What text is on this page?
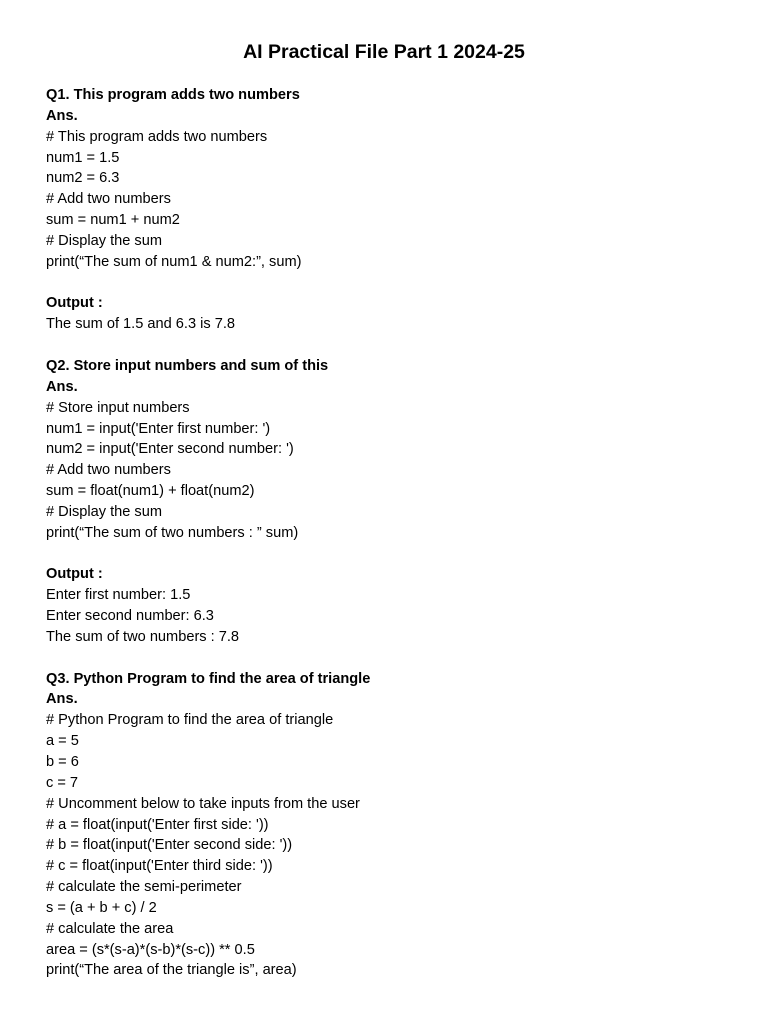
AI Practical File Part 1 2024-25
Q1. This program adds two numbers
Ans.
# This program adds two numbers
num1 = 1.5
num2 = 6.3
# Add two numbers
sum = num1 + num2
# Display the sum
print(“The sum of num1 & num2:”, sum)
Output :
The sum of 1.5 and 6.3 is 7.8
Q2. Store input numbers and sum of this
Ans.
# Store input numbers
num1 = input('Enter first number: ')
num2 = input('Enter second number: ')
# Add two numbers
sum = float(num1) + float(num2)
# Display the sum
print(“The sum of two numbers : ” sum)
Output :
Enter first number: 1.5
Enter second number: 6.3
The sum of two numbers : 7.8
Q3. Python Program to find the area of triangle
Ans.
# Python Program to find the area of triangle
a = 5
b = 6
c = 7
# Uncomment below to take inputs from the user
# a = float(input('Enter first side: '))
# b = float(input('Enter second side: '))
# c = float(input('Enter third side: '))
# calculate the semi-perimeter
s = (a + b + c) / 2
# calculate the area
area = (s*(s-a)*(s-b)*(s-c)) ** 0.5
print(“The area of the triangle is”, area)
